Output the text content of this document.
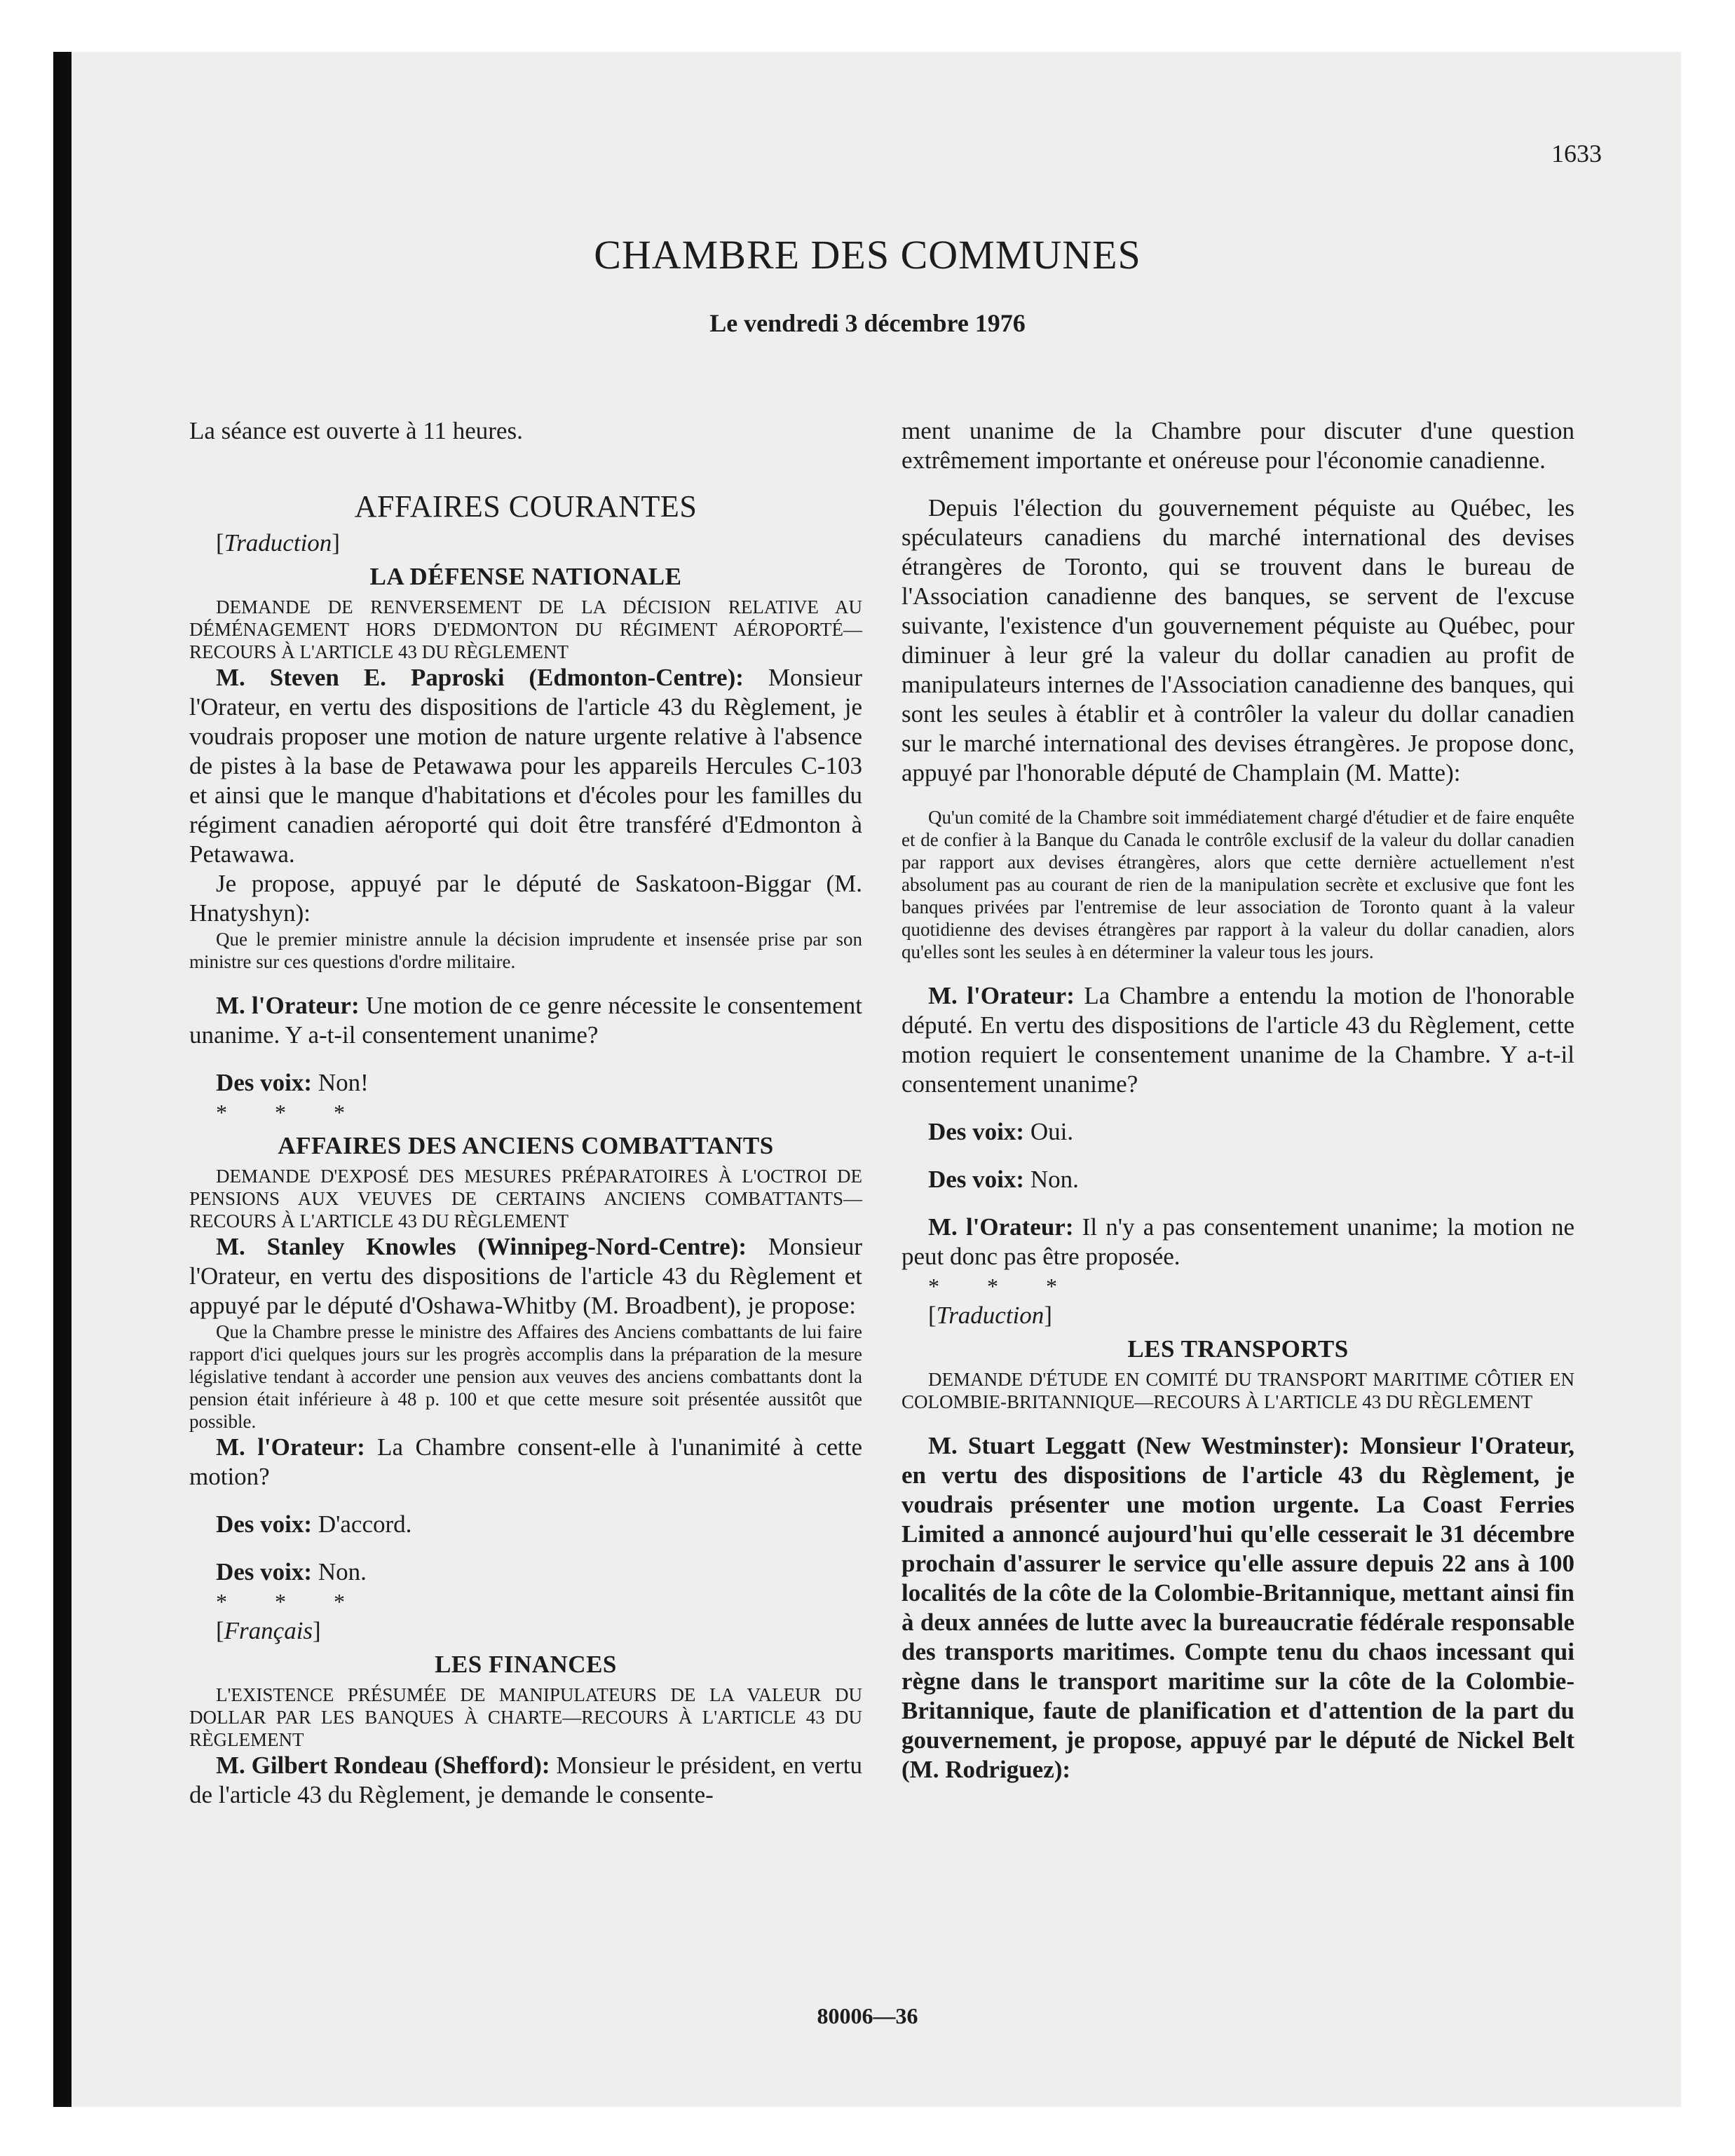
1633

CHAMBRE DES COMMUNES

Le vendredi 3 décembre 1976

La séance est ouverte à 11 heures.

AFFAIRES COURANTES

[Traduction]

LA DÉFENSE NATIONALE

DEMANDE DE RENVERSEMENT DE LA DÉCISION RELATIVE AU DÉMÉNAGEMENT HORS D'EDMONTON DU RÉGIMENT AÉROPORTÉ—RECOURS À L'ARTICLE 43 DU RÈGLEMENT

M. Steven E. Paproski (Edmonton-Centre): Monsieur l'Orateur, en vertu des dispositions de l'article 43 du Règlement, je voudrais proposer une motion de nature urgente relative à l'absence de pistes à la base de Petawawa pour les appareils Hercules C-103 et ainsi que le manque d'habitations et d'écoles pour les familles du régiment canadien aéroporté qui doit être transféré d'Edmonton à Petawawa.

Je propose, appuyé par le député de Saskatoon-Biggar (M. Hnatyshyn):

Que le premier ministre annule la décision imprudente et insensée prise par son ministre sur ces questions d'ordre militaire.

M. l'Orateur: Une motion de ce genre nécessite le consentement unanime. Y a-t-il consentement unanime?

Des voix: Non!

* * *

AFFAIRES DES ANCIENS COMBATTANTS

DEMANDE D'EXPOSÉ DES MESURES PRÉPARATOIRES À L'OCTROI DE PENSIONS AUX VEUVES DE CERTAINS ANCIENS COMBATTANTS—RECOURS À L'ARTICLE 43 DU RÈGLEMENT

M. Stanley Knowles (Winnipeg-Nord-Centre): Monsieur l'Orateur, en vertu des dispositions de l'article 43 du Règlement et appuyé par le député d'Oshawa-Whitby (M. Broadbent), je propose:

Que la Chambre presse le ministre des Affaires des Anciens combattants de lui faire rapport d'ici quelques jours sur les progrès accomplis dans la préparation de la mesure législative tendant à accorder une pension aux veuves des anciens combattants dont la pension était inférieure à 48 p. 100 et que cette mesure soit présentée aussitôt que possible.

M. l'Orateur: La Chambre consent-elle à l'unanimité à cette motion?

Des voix: D'accord.

Des voix: Non.

* * *

[Français]

LES FINANCES

L'EXISTENCE PRÉSUMÉE DE MANIPULATEURS DE LA VALEUR DU DOLLAR PAR LES BANQUES À CHARTE—RECOURS À L'ARTICLE 43 DU RÈGLEMENT

M. Gilbert Rondeau (Shefford): Monsieur le président, en vertu de l'article 43 du Règlement, je demande le consente-

ment unanime de la Chambre pour discuter d'une question extrêmement importante et onéreuse pour l'économie canadienne.

Depuis l'élection du gouvernement péquiste au Québec, les spéculateurs canadiens du marché international des devises étrangères de Toronto, qui se trouvent dans le bureau de l'Association canadienne des banques, se servent de l'excuse suivante, l'existence d'un gouvernement péquiste au Québec, pour diminuer à leur gré la valeur du dollar canadien au profit de manipulateurs internes de l'Association canadienne des banques, qui sont les seules à établir et à contrôler la valeur du dollar canadien sur le marché international des devises étrangères. Je propose donc, appuyé par l'honorable député de Champlain (M. Matte):

Qu'un comité de la Chambre soit immédiatement chargé d'étudier et de faire enquête et de confier à la Banque du Canada le contrôle exclusif de la valeur du dollar canadien par rapport aux devises étrangères, alors que cette dernière actuellement n'est absolument pas au courant de rien de la manipulation secrète et exclusive que font les banques privées par l'entremise de leur association de Toronto quant à la valeur quotidienne des devises étrangères par rapport à la valeur du dollar canadien, alors qu'elles sont les seules à en déterminer la valeur tous les jours.

M. l'Orateur: La Chambre a entendu la motion de l'honorable député. En vertu des dispositions de l'article 43 du Règlement, cette motion requiert le consentement unanime de la Chambre. Y a-t-il consentement unanime?

Des voix: Oui.

Des voix: Non.

M. l'Orateur: Il n'y a pas consentement unanime; la motion ne peut donc pas être proposée.

* * *

[Traduction]

LES TRANSPORTS

DEMANDE D'ÉTUDE EN COMITÉ DU TRANSPORT MARITIME CÔTIER EN COLOMBIE-BRITANNIQUE—RECOURS À L'ARTICLE 43 DU RÈGLEMENT

M. Stuart Leggatt (New Westminster): Monsieur l'Orateur, en vertu des dispositions de l'article 43 du Règlement, je voudrais présenter une motion urgente. La Coast Ferries Limited a annoncé aujourd'hui qu'elle cesserait le 31 décembre prochain d'assurer le service qu'elle assure depuis 22 ans à 100 localités de la côte de la Colombie-Britannique, mettant ainsi fin à deux années de lutte avec la bureaucratie fédérale responsable des transports maritimes. Compte tenu du chaos incessant qui règne dans le transport maritime sur la côte de la Colombie-Britannique, faute de planification et d'attention de la part du gouvernement, je propose, appuyé par le député de Nickel Belt (M. Rodriguez):

80006—36
